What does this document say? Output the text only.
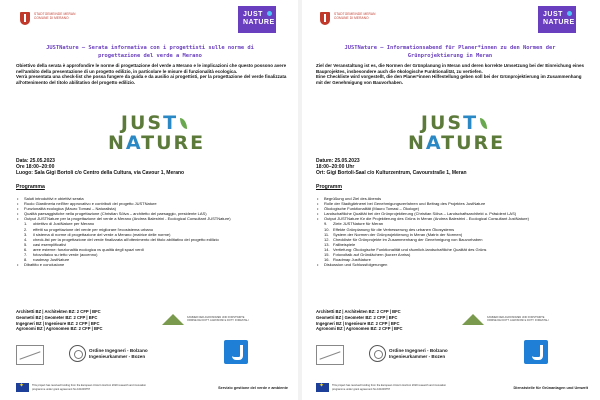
STADTGEMEINDE MERAN
COMUNE DI MERANO
JUST
NATURE
JUSTNature – Serata informativa con i progettisti sulle norme di
progettazione del verde a Merano

Obiettivo della serata è approfondire le norme di progettazione del verde a Merano e le implicazioni che questo possono avere nell'ambito della presentazione di un progetto edilizio, in particolare le misure di funzionalità ecologica.

Verrà presentata una check-list che possa fungere da guida e da ausilio ai progettisti, per la progettazione del verde finalizzata all'ottenimento del titolo abilitativo del progetto edilizio.

JUST
NATURE
Data: 25.05.2023
Ore 18:00–20:00
Luogo: Sala Gigi Bortoli c/o Centro della Cultura, via Cavour 1, Merano
Programma
• Saluti introduttivi e obiettivi serata
• Ruolo Giardineria nell'iter approvativo e contributi del progetto JUSTNature
• Funzionalità ecologica (Mauro Tomasi – Naturalista)
• Qualità paesaggistiche nella progettazione (Christian Sölva – architetto del paesaggio, presidente LAS)
• Output JUSTNature per la progettazione del verde a Merano (Andrea Balestrini - Ecological Consultant JUSTNature)
1. obiettivo di JustNature per Merano
2. effetti su progettazione del verde per migliorare l'ecosistema urbano
3. il sistema di norme di progettazione del verde a Merano (matrice delle norme)
4. check-list per la progettazione del verde finalizzata all'ottenimento del titolo abilitativo del progetto edilizio
5. casi esemplificativi
6. aree esterne: funzionalità ecologica vs qualità degli spazi verdi
7. fotovoltaico su tetto verde (accenno)
8. roadmap JustNature
• Dibattito e conclusione
Architetti BZ | Architekten BZ: 2 CFP | BFC
Geometri BZ | Geometer BZ: 2 CFP | BFC
Ingegneri BZ | Ingenieure BZ: 2 CFP | BFC
Agronomi BZ | Agronomen BZ: 2 CFP | BFC
KAMMER DER AGRONOMEN UND FORSTWIRTE
ORDINE DEI DOTT. AGRONOMI E DOTT. FORESTALI
Ordine Ingegneri - Bolzano
Ingenieurkammer - Bozen
✦
This project has received funding from the European Union's Horizon 2020 research and innovation programme under grant agreement No 101003757	Servizio gestione del verde e ambiente
STADTGEMEINDE MERAN
COMUNE DI MERANO
JUST
NATURE
JUSTNature – Informationsabend für Planer*innen zu den Normen der
Grünprojektierung in Meran

Ziel der Veranstaltung ist es, die Normen der Grünplanung in Meran und deren korrekte Umsetzung bei der Einreichung eines Bauprojektes, insbesondere auch die ökologische Funktionalität, zu vertiefen.

Eine Checkliste wird vorgestellt, die den Planer*innen Hilfestellung geben soll bei der Grünprojektierung im Zusammenhang mit der Genehmigung von Bauvorhaben.

JUST
NATURE
Datum: 25.05.2023
18:00–20:00 Uhr
Ort: Gigi Bortoli-Saal c/o Kulturzentrum, Cavourstraße 1, Meran
Programm
• Begrüßung und Ziel des Abends
• Rolle der Stadtgärtnerei bei Genehmigungsverfahren und Beitrag des Projektes JustNature
• Ökologische Funktionalität (Mauro Tomasi – Ökologe)
• Landschaftliche Qualität bei der Grünprojektierung (Christian Sölva – Landschaftsarchitekt u. Präsident LAS)
• Output JUSTNature für die Projektierung des Grüns in Meran (Andrea Balestrini - Ecological Consultant JustNature)
9. Ziele JUSTNature für Meran
10. Effekte Grünplanung für die Verbesserung des urbanen Ökosystems
11. System der Normen der Grünprojektierung in Meran (Matrix der Normen)
12. Checkliste für Grünprojekte im Zusammenhang der Genehmigung von Bauvorhaben
13. Fallbeispiele
14. Vertiefung: Ökologische Funktionalität und räumlich-landschaftliche Qualität des Grüns
15. Fotovoltaik auf Gründächern (kurzer Anriss)
16. Roadmap JustNature
• Diskussion und Schlussfolgerungen
Architetti BZ | Architekten BZ: 2 CFP | BFC
Geometri BZ | Geometer BZ: 2 CFP | BFC
Ingegneri BZ | Ingenieure BZ: 2 CFP | BFC
Agronomi BZ | Agronomen BZ: 2 CFP | BFC
KAMMER DER AGRONOMEN UND FORSTWIRTE
ORDINE DEI DOTT. AGRONOMI E DOTT. FORESTALI
Ordine Ingegneri - Bolzano
Ingenieurkammer - Bozen
✦
This project has received funding from the European Union's Horizon 2020 research and innovation programme under grant agreement No 101003757	Dienststelle für Grünanlagen und Umwelt
